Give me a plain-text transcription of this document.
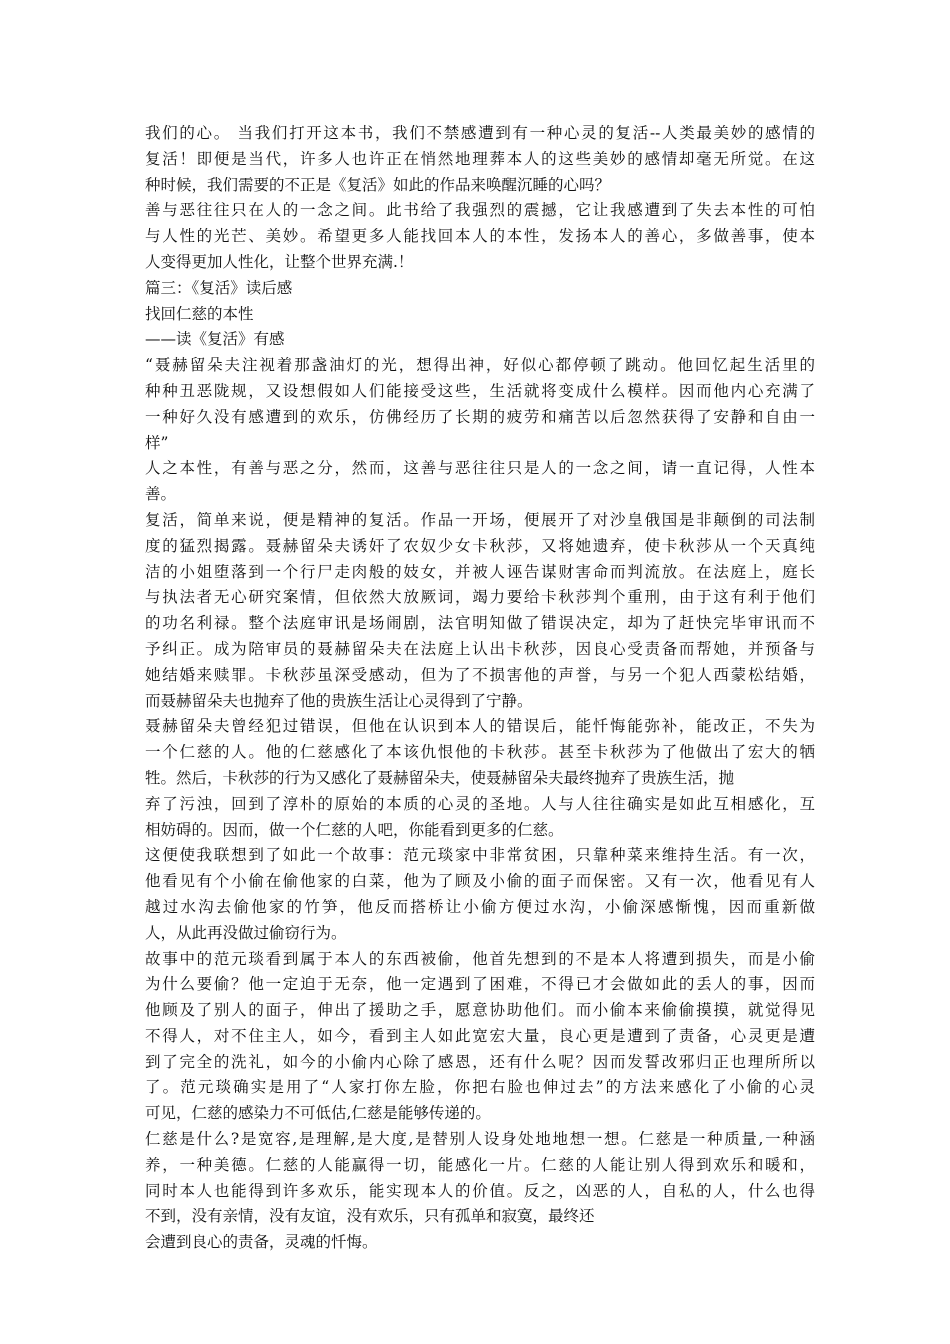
我们的心。 当我们打开这本书，我们不禁感遭到有一种心灵的复活--人类最美妙的感情的
复活！即便是当代，许多人也许正在悄然地理葬本人的这些美妙的感情却毫无所觉。在这
种时候，我们需要的不正是《复活》如此的作品来唤醒沉睡的心吗？
善与恶往往只在人的一念之间。此书给了我强烈的震撼，它让我感遭到了失去本性的可怕
与人性的光芒、美妙。希望更多人能找回本人的本性，发扬本人的善心，多做善事，使本
人变得更加人性化，让整个世界充满.！
篇三：《复活》读后感
找回仁慈的本性
——读《复活》有感
“聂赫留朵夫注视着那盏油灯的光，想得出神，好似心都停顿了跳动。他回忆起生活里的
种种丑恶陇规，又设想假如人们能接受这些，生活就将变成什么模样。因而他内心充满了
一种好久没有感遭到的欢乐，仿佛经历了长期的疲劳和痛苦以后忽然获得了安静和自由一
样”
人之本性，有善与恶之分，然而，这善与恶往往只是人的一念之间，请一直记得，人性本
善。
复活，简单来说，便是精神的复活。作品一开场，便展开了对沙皇俄国是非颠倒的司法制
度的猛烈揭露。聂赫留朵夫诱奸了农奴少女卡秋莎，又将她遗弃，使卡秋莎从一个天真纯
洁的小姐堕落到一个行尸走肉般的妓女，并被人诬告谋财害命而判流放。在法庭上，庭长
与执法者无心研究案情，但依然大放厥词，竭力要给卡秋莎判个重刑，由于这有利于他们
的功名利禄。整个法庭审讯是场闹剧，法官明知做了错误决定，却为了赶快完毕审讯而不
予纠正。成为陪审员的聂赫留朵夫在法庭上认出卡秋莎，因良心受责备而帮她，并预备与
她结婚来赎罪。卡秋莎虽深受感动，但为了不损害他的声誉，与另一个犯人西蒙松结婚，
而聂赫留朵夫也抛弃了他的贵族生活让心灵得到了宁静。
聂赫留朵夫曾经犯过错误，但他在认识到本人的错误后，能忏悔能弥补，能改正，不失为
一个仁慈的人。他的仁慈感化了本该仇恨他的卡秋莎。甚至卡秋莎为了他做出了宏大的牺
牲。然后，卡秋莎的行为又感化了聂赫留朵夫，使聂赫留朵夫最终抛弃了贵族生活，抛
弃了污浊，回到了淳朴的原始的本质的心灵的圣地。人与人往往确实是如此互相感化，互
相妨碍的。因而，做一个仁慈的人吧，你能看到更多的仁慈。
这便使我联想到了如此一个故事：范元琰家中非常贫困，只靠种菜来维持生活。有一次，
他看见有个小偷在偷他家的白菜，他为了顾及小偷的面子而保密。又有一次，他看见有人
越过水沟去偷他家的竹笋，他反而搭桥让小偷方便过水沟，小偷深感惭愧，因而重新做
人，从此再没做过偷窃行为。
故事中的范元琰看到属于本人的东西被偷，他首先想到的不是本人将遭到损失，而是小偷
为什么要偷？他一定迫于无奈，他一定遇到了困难，不得已才会做如此的丢人的事，因而
他顾及了别人的面子，伸出了援助之手，愿意协助他们。而小偷本来偷偷摸摸，就觉得见
不得人，对不住主人，如今，看到主人如此宽宏大量，良心更是遭到了责备，心灵更是遭
到了完全的洗礼，如今的小偷内心除了感恩，还有什么呢？因而发誓改邪归正也理所所以
了。范元琰确实是用了“人家打你左脸，你把右脸也伸过去”的方法来感化了小偷的心灵
可见，仁慈的感染力不可低估,仁慈是能够传递的。
仁慈是什么?是宽容,是理解,是大度,是替别人设身处地地想一想。仁慈是一种质量,一种涵
养，一种美德。仁慈的人能赢得一切，能感化一片。仁慈的人能让别人得到欢乐和暖和，
同时本人也能得到许多欢乐，能实现本人的价值。反之，凶恶的人，自私的人，什么也得
不到，没有亲情，没有友谊，没有欢乐，只有孤单和寂寞，最终还
会遭到良心的责备，灵魂的忏悔。
